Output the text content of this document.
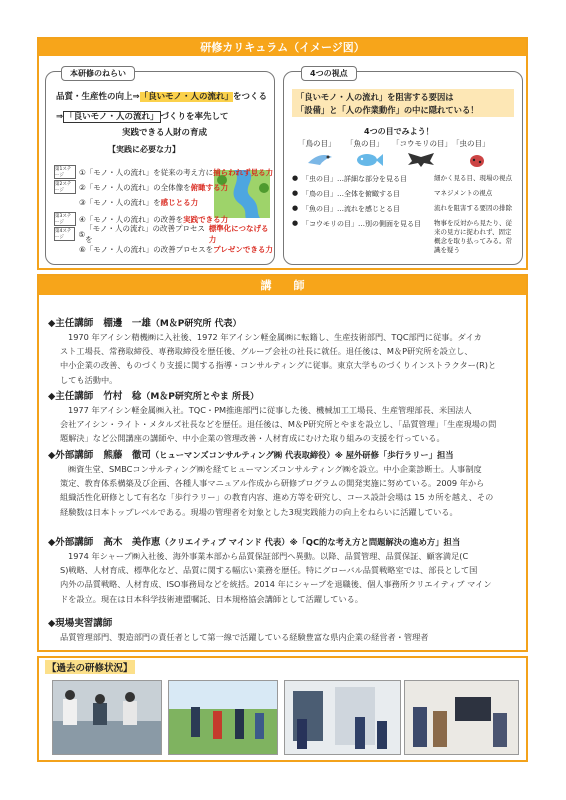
研修カリキュラム（イメージ図）
品質・生産性の向上⇒「良いモノ・人の流れ」をつくる
⇒ 「良いモノ・人の流れ」 づくりを率先して
実践できる人財の育成
【実践に必要な力】
第1ステージ	① 「モノ・人の流れ」を従来の考え方に 捕らわれず見る力
第2ステージ	② 「モノ・人の流れ」の全体像を 俯瞰する力
③ 「モノ・人の流れ」を 感じとる力
第3ステージ	④ 「モノ・人の流れ」の改善を 実践できる力
第4ステージ	⑤
「モノ・人の流れ」の改善プロセスを
標準化につなげる力
⑥ 「モノ・人の流れ」の改善プロセスを プレゼンできる力
本研修のねらい
「良いモノ・人の流れ」を阻害する要因は
「設備」と「人の作業動作」の中に隠れている！
4つの目でみよう！
「鳥の目」 「魚の目」 「コウモリの目」 「虫の目」
● 「虫の目」…詳細な部分を見る目	細かく見る目、現場の視点
● 「鳥の目」…全体を俯瞰する目	マネジメントの視点
● 「魚の目」…流れを感じとる目	流れを阻害する要因の排除
● 「コウモリの目」…別の側面を見る目 物事を反対から見たり、従来の見方に捉われず、固定概念を取り払ってみる。常識を疑う
4つの視点
講　　師
◆主任講師 棚邊　一雄（M＆P研究所 代表）
1970 年アイシン精機㈱に入社後、1972 年アイシン軽金属㈱に転籍し、生産技術部門、TQC部門に従事。ダイカ
スト工場長、常務取締役、専務取締役を歴任後、グループ会社の社長に就任。退任後は、M＆P研究所を設立し、
中小企業の改善、ものづくり支援に関する指導・コンサルティングに従事。東京大学ものづくりインストラクター(R)と
しても活動中。
◆主任講師 竹村　稔（M＆P研究所とやま 所長）
1977 年アイシン軽金属㈱入社。TQC・PM推進部門に従事した後、機械加工工場長、生産管理部長、米国法人
会社アイシン・ライト・メタルズ社長などを歴任。退任後は、M＆P研究所とやまを設立し、「品質管理」「生産現場の問
題解決」など公開講座の講師や、中小企業の管理改善・人材育成にむけた取り組みの支援を行っている。
◆外部講師 熊藤　徹司（ヒューマンズコンサルティング㈱ 代表取締役）※ 屋外研修「歩行ラリー」担当
㈱資生堂、SMBCコンサルティング㈱を経てヒューマンズコンサルティング㈱を設立。中小企業診断士。人事制度
策定、教育体系構築及び企画、各種人事マニュアル作成から研修プログラムの開発実施に努めている。2009 年から
組織活性化研修として有名な「歩行ラリー」の教育内容、進め方等を研究し、コース設計会場は 15 カ所を越え、その
経験数は日本トップレベルである。現場の管理者を対象とした3現実践能力の向上をねらいに活躍している。
◆外部講師 高木　美作恵（クリエイティブ マインド 代表）※「QC的な考え方と問題解決の進め方」担当
1974 年シャープ㈱入社後、海外事業本部から品質保証部門へ異動。以降、品質管理、品質保証、顧客満足(C
S)戦略、人材育成、標準化など、品質に関する幅広い業務を歴任。特にグローバル品質戦略室では、部長として国
内外の品質戦略、人材育成、ISO事務局などを統括。2014 年にシャープを退職後、個人事務所クリエイティブ マイン
ドを設立。現在は日本科学技術連盟嘱託、日本規格協会講師として活躍している。
◆現場実習講師
品質管理部門、製造部門の責任者として第一線で活躍している経験豊富な県内企業の経営者・管理者
【過去の研修状況】
